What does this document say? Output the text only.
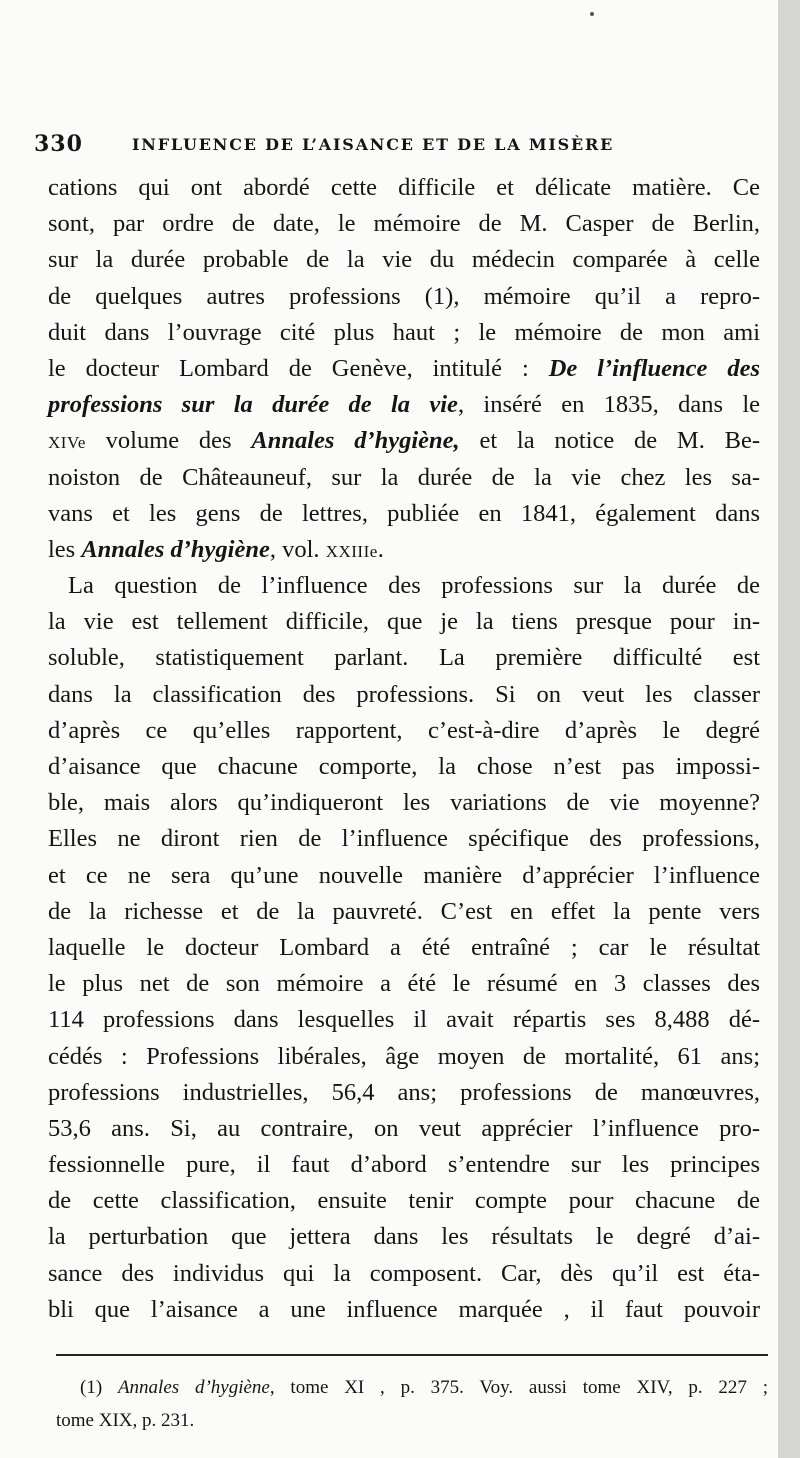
330	INFLUENCE DE L’AISANCE ET DE LA MISÈRE
cations qui ont abordé cette difficile et délicate matière. Ce
sont, par ordre de date, le mémoire de M. Casper de Berlin,
sur la durée probable de la vie du médecin comparée à celle
de quelques autres professions (1), mémoire qu’il a repro-
duit dans l’ouvrage cité plus haut ; le mémoire de mon ami
le docteur Lombard de Genève, intitulé : De l’influence des
professions sur la durée de la vie, inséré en 1835, dans le
XIVe volume des Annales d’hygiène, et la notice de M. Be-
noiston de Châteauneuf, sur la durée de la vie chez les sa-
vans et les gens de lettres, publiée en 1841, également dans
les Annales d’hygiène, vol. XXIIIe.
La question de l’influence des professions sur la durée de
la vie est tellement difficile, que je la tiens presque pour in-
soluble, statistiquement parlant. La première difficulté est
dans la classification des professions. Si on veut les classer
d’après ce qu’elles rapportent, c’est-à-dire d’après le degré
d’aisance que chacune comporte, la chose n’est pas impossi-
ble, mais alors qu’indiqueront les variations de vie moyenne?
Elles ne diront rien de l’influence spécifique des professions,
et ce ne sera qu’une nouvelle manière d’apprécier l’influence
de la richesse et de la pauvreté. C’est en effet la pente vers
laquelle le docteur Lombard a été entraîné ; car le résultat
le plus net de son mémoire a été le résumé en 3 classes des
114 professions dans lesquelles il avait répartis ses 8,488 dé-
cédés : Professions libérales, âge moyen de mortalité, 61 ans;
professions industrielles, 56,4 ans; professions de manœuvres,
53,6 ans. Si, au contraire, on veut apprécier l’influence pro-
fessionnelle pure, il faut d’abord s’entendre sur les principes
de cette classification, ensuite tenir compte pour chacune de
la perturbation que jettera dans les résultats le degré d’ai-
sance des individus qui la composent. Car, dès qu’il est éta-
bli que l’aisance a une influence marquée , il faut pouvoir
(1) Annales d’hygiène, tome XI , p. 375. Voy. aussi tome XIV, p. 227 ;
tome XIX, p. 231.
